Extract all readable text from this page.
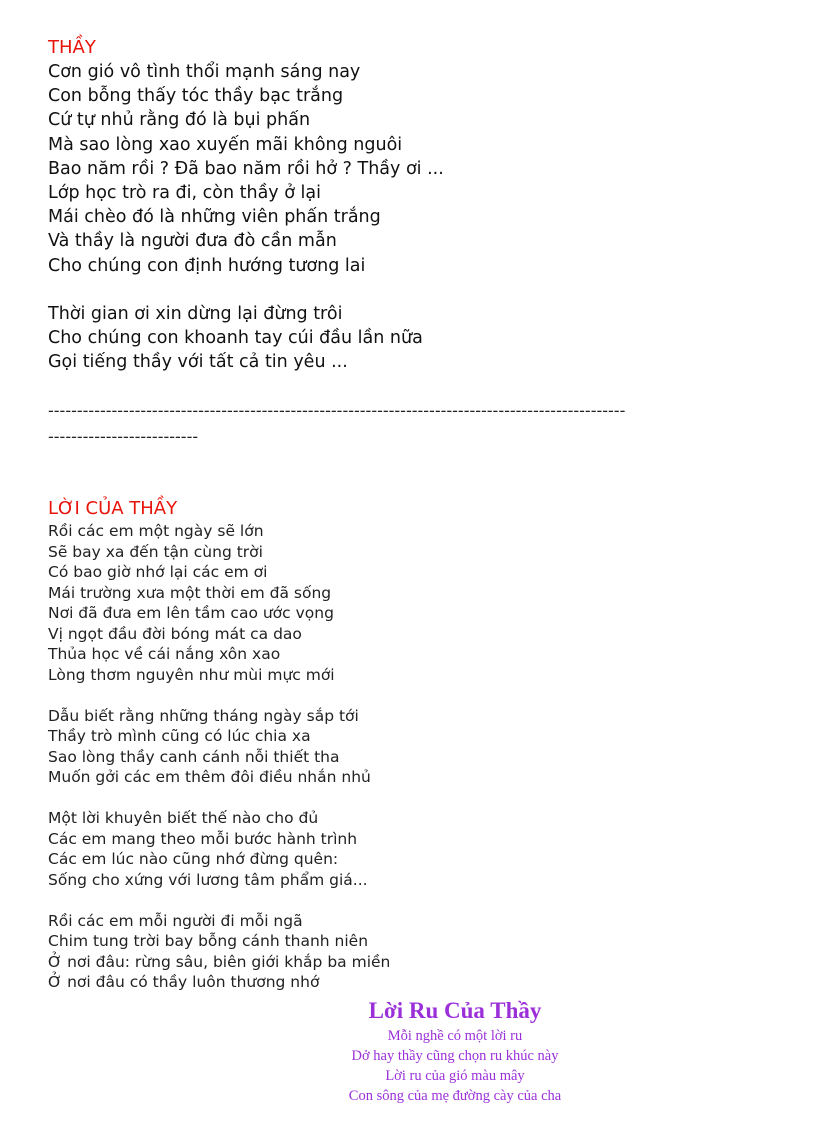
THẦY
Cơn gió vô tình thổi mạnh sáng nay
Con bỗng thấy tóc thầy bạc trắng
Cứ tự nhủ rằng đó là bụi phấn
Mà sao lòng xao xuyến mãi không nguôi
Bao năm rồi ? Đã bao năm rồi hở ? Thầy ơi ...
Lớp học trò ra đi, còn thầy ở lại
Mái chèo đó là những viên phấn trắng
Và thầy là người đưa đò cần mẫn
Cho chúng con định hướng tương lai
Thời gian ơi xin dừng lại đừng trôi
Cho chúng con khoanh tay cúi đầu lần nữa
Gọi tiếng thầy với tất cả tin yêu ...
----------------------------------------------------------------------------------------------------
--------------------------
LỜI CỦA THẦY
Rồi các em một ngày sẽ lớn
Sẽ bay xa đến tận cùng trời
Có bao giờ nhớ lại các em ơi
Mái trường xưa một thời em đã sống
Nơi đã đưa em lên tầm cao ước vọng
Vị ngọt đầu đời bóng mát ca dao
Thủa học về cái nắng xôn xao
Lòng thơm nguyên như mùi mực mới
Dẫu biết rằng những tháng ngày sắp tới
Thầy trò mình cũng có lúc chia xa
Sao lòng thầy canh cánh nỗi thiết tha
Muốn gởi các em thêm đôi điều nhắn nhủ
Một lời khuyên biết thế nào cho đủ
Các em mang theo mỗi bước hành trình
Các em lúc nào cũng nhớ đừng quên:
Sống cho xứng với lương tâm phẩm giá...
Rồi các em mỗi người đi mỗi ngã
Chim tung trời bay bỗng cánh thanh niên
Ở nơi đâu: rừng sâu, biên giới khắp ba miền
Ở nơi đâu có thầy luôn thương nhớ
Lời Ru Của Thầy
Mỗi nghề có một lời ru
Dở hay thầy cũng chọn ru khúc này
Lời ru của gió màu mây
Con sông của mẹ đường cày của cha
